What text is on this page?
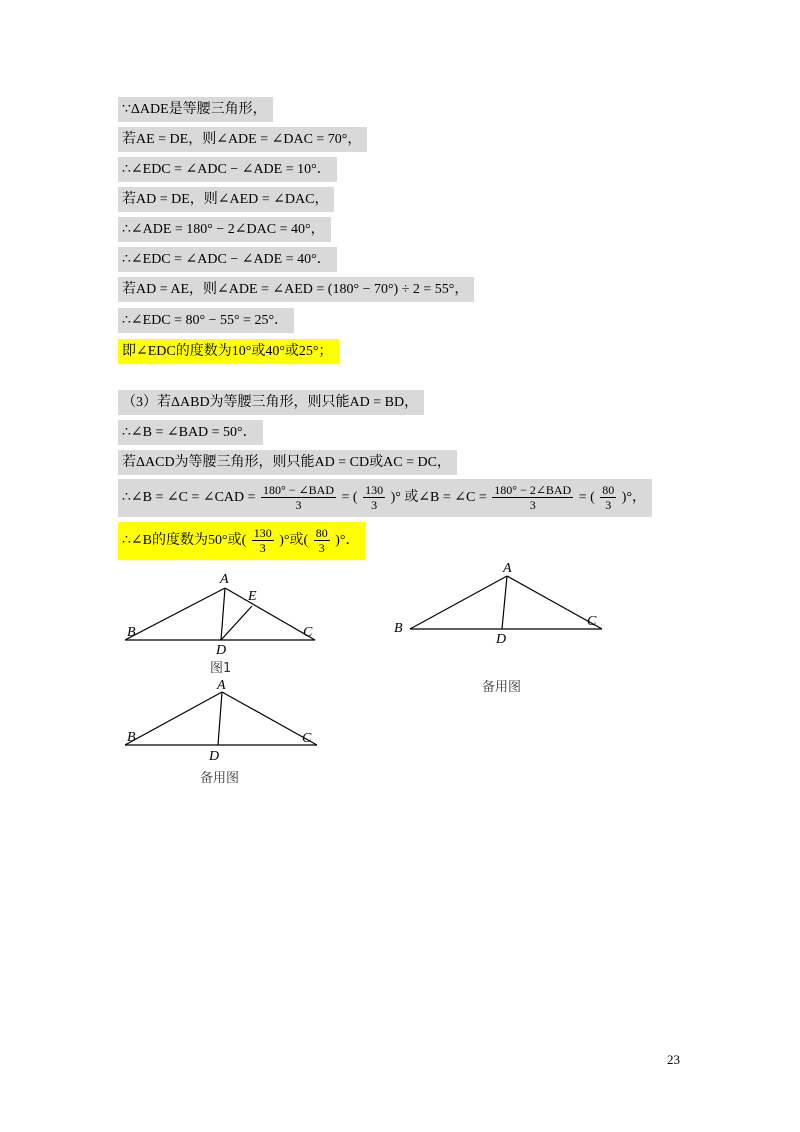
∵ΔADE是等腰三角形，
若AE = DE，则∠ADE = ∠DAC = 70°，
∴∠EDC = ∠ADC − ∠ADE = 10°．
若AD = DE，则∠AED = ∠DAC，
∴∠ADE = 180° − 2∠DAC = 40°，
∴∠EDC = ∠ADC − ∠ADE = 40°．
若AD = AE，则∠ADE = ∠AED = (180° − 70°) ÷ 2 = 55°，
∴∠EDC = 80° − 55° = 25°．
即∠EDC的度数为10°或40°或25°；
（3）若ΔABD为等腰三角形，则只能AD = BD，
∴∠B = ∠BAD = 50°．
若ΔACD为等腰三角形，则只能AD = CD或AC = DC，
∴∠B = ∠C = ∠CAD = $\frac{\text{180° − ∠BAD}}{3}$ = ( $\frac{130}{3}$ )° 或∠B = ∠C = $\frac{\text{180° − 2∠BAD}}{3}$ = ( $\frac{80}{3}$ )°，
∴∠B的度数为50°或( $\frac{130}{3}$ )°或( $\frac{80}{3}$ )°．
A
B	C
D
E
图1
A
B	C
D
备用图
A
B	C
D
备用图
23
